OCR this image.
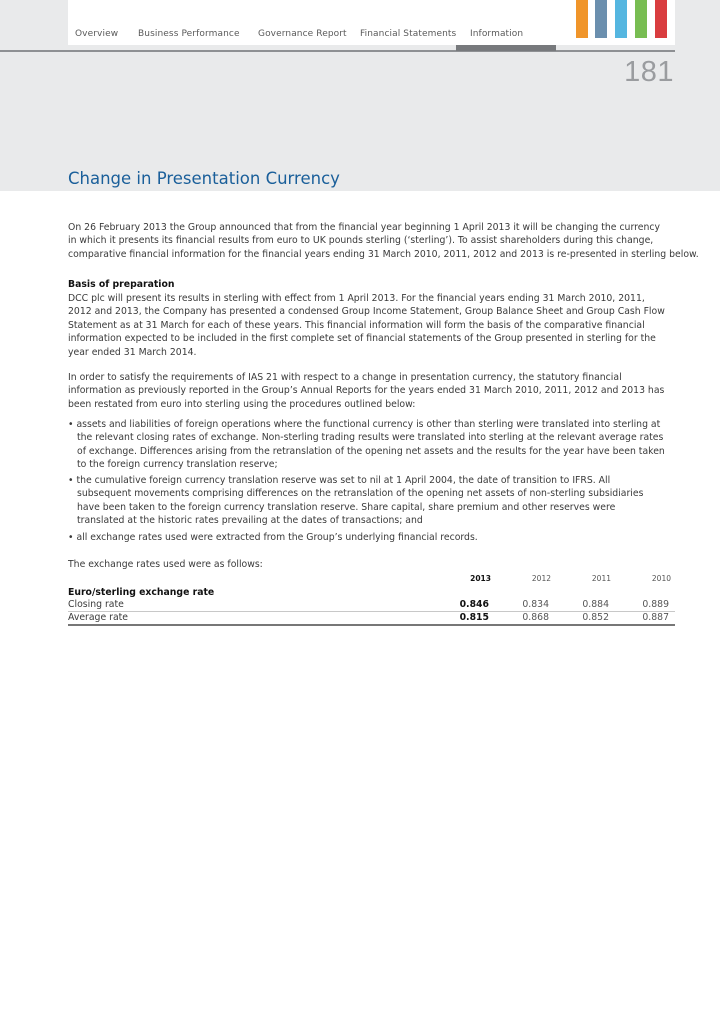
Overview Business Performance Governance Report Financial Statements Information
181
Change in Presentation Currency
On 26 February 2013 the Group announced that from the financial year beginning 1 April 2013 it will be changing the currency
in which it presents its financial results from euro to UK pounds sterling (‘sterling’). To assist shareholders during this change,
comparative financial information for the financial years ending 31 March 2010, 2011, 2012 and 2013 is re-presented in sterling below.
Basis of preparation
DCC plc will present its results in sterling with effect from 1 April 2013. For the financial years ending 31 March 2010, 2011,
2012 and 2013, the Company has presented a condensed Group Income Statement, Group Balance Sheet and Group Cash Flow
Statement as at 31 March for each of these years. This financial information will form the basis of the comparative financial
information expected to be included in the first complete set of financial statements of the Group presented in sterling for the
year ended 31 March 2014.
In order to satisfy the requirements of IAS 21 with respect to a change in presentation currency, the statutory financial
information as previously reported in the Group’s Annual Reports for the years ended 31 March 2010, 2011, 2012 and 2013 has
been restated from euro into sterling using the procedures outlined below:
• assets and liabilities of foreign operations where the functional currency is other than sterling were translated into sterling at
the relevant closing rates of exchange. Non-sterling trading results were translated into sterling at the relevant average rates
of exchange. Differences arising from the retranslation of the opening net assets and the results for the year have been taken
to the foreign currency translation reserve;
• the cumulative foreign currency translation reserve was set to nil at 1 April 2004, the date of transition to IFRS. All
subsequent movements comprising differences on the retranslation of the opening net assets of non-sterling subsidiaries
have been taken to the foreign currency translation reserve. Share capital, share premium and other reserves were
translated at the historic rates prevailing at the dates of transactions; and
• all exchange rates used were extracted from the Group’s underlying financial records.
The exchange rates used were as follows:
2013	2012	2011	2010
Euro/sterling exchange rate
Closing rate	0.846	0.834	0.884	0.889
Average rate	0.815	0.868	0.852	0.887
